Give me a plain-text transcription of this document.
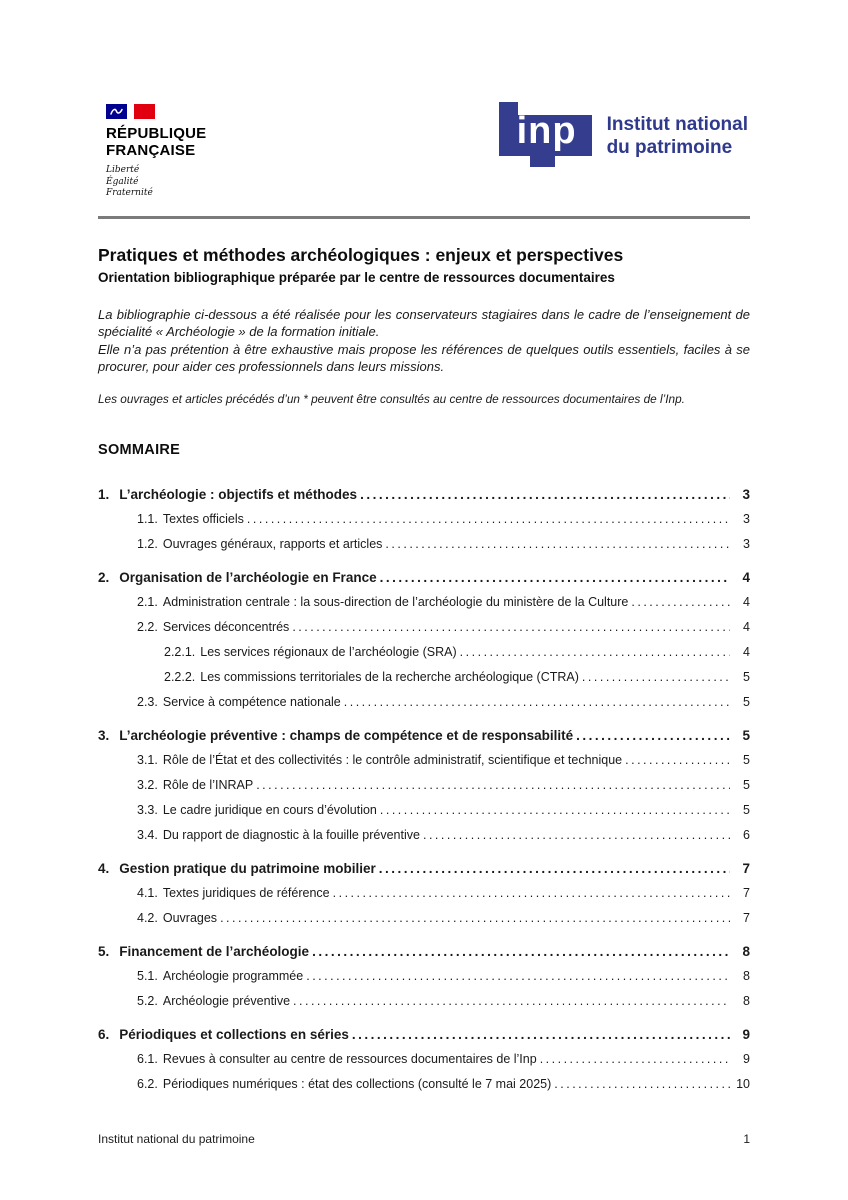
RÉPUBLIQUE
FRANÇAISE
Liberté
Égalité
Fraternité
inp	Institut national
du patrimoine
Pratiques et méthodes archéologiques : enjeux et perspectives
Orientation bibliographique préparée par le centre de ressources documentaires

La bibliographie ci-dessous a été réalisée pour les conservateurs stagiaires dans le cadre de l’enseignement de spécialité « Archéologie » de la formation initiale.

Elle n’a pas prétention à être exhaustive mais propose les références de quelques outils essentiels, faciles à se procurer, pour aider ces professionnels dans leurs missions.

Les ouvrages et articles précédés d’un * peuvent être consultés au centre de ressources documentaires de l’Inp.

SOMMAIRE
1. L’archéologie : objectifs et méthodes .....	3
1.1. Textes officiels .....	3
1.2. Ouvrages généraux, rapports et articles .....	3
2. Organisation de l’archéologie en France .....	4
2.1. Administration centrale : la sous-direction de l’archéologie du ministère de la Culture .....	4
2.2. Services déconcentrés .....	4
2.2.1. Les services régionaux de l’archéologie (SRA) .....	4
2.2.2. Les commissions territoriales de la recherche archéologique (CTRA) .....	5
2.3. Service à compétence nationale .....	5
3. L’archéologie préventive : champs de compétence et de responsabilité .....	5
3.1. Rôle de l’État et des collectivités : le contrôle administratif, scientifique et technique .....	5
3.2. Rôle de l’INRAP .....	5
3.3. Le cadre juridique en cours d’évolution .....	5
3.4. Du rapport de diagnostic à la fouille préventive .....	6
4. Gestion pratique du patrimoine mobilier .....	7
4.1. Textes juridiques de référence .....	7
4.2. Ouvrages .....	7
5. Financement de l’archéologie .....	8
5.1. Archéologie programmée .....	8
5.2. Archéologie préventive .....	8
6. Périodiques et collections en séries .....	9
6.1. Revues à consulter au centre de ressources documentaires de l’Inp .....	9
6.2. Périodiques numériques : état des collections (consulté le 7 mai 2025) .....	10
Institut national du patrimoine	1
